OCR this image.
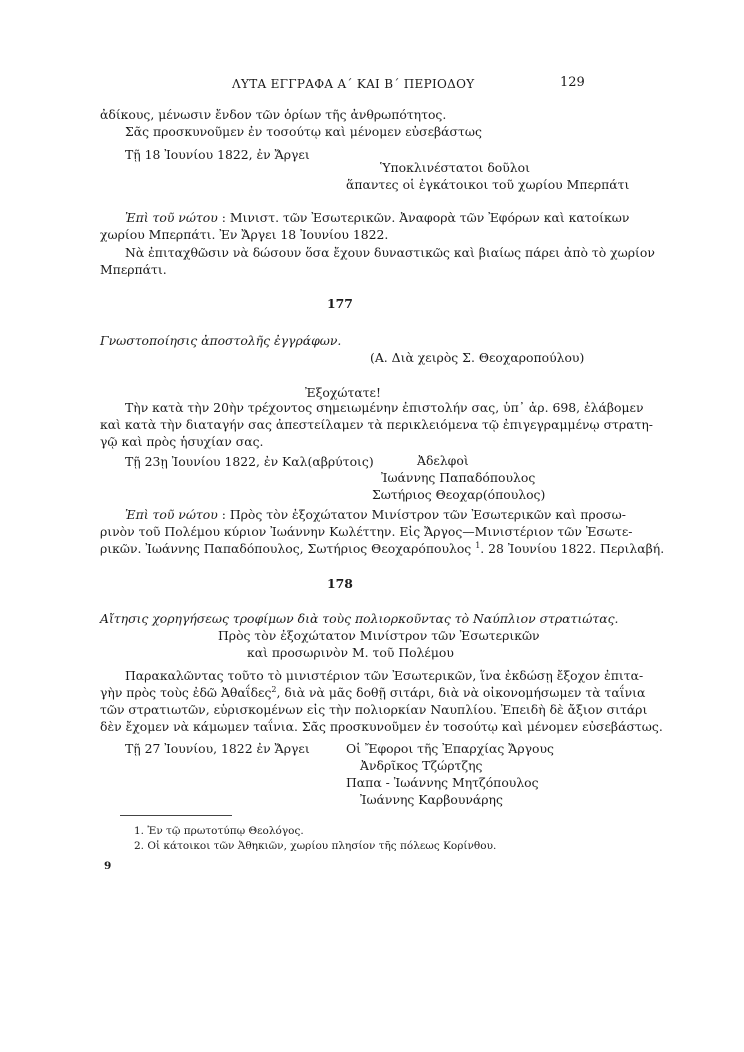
ΛΥΤΑ ΕΓΓΡΑΦΑ Α΄ ΚΑΙ Β΄ ΠΕΡΙΟΔΟΥ	129
ἀδίκους, μένωσιν ἔνδον τῶν ὁρίων τῆς ἀνθρωπότητος.
Σᾶς προσκυνοῦμεν ἐν τοσούτῳ καὶ μένομεν εὐσεβάστως
Τῇ 18 Ἰουνίου 1822, ἐν Ἄργει
Ὑποκλινέστατοι δοῦλοι
ἅπαντες οἱ ἐγκάτοικοι τοῦ χωρίου Μπερπάτι
Ἐπὶ τοῦ νώτου : Μινιστ. τῶν Ἐσωτερικῶν. Ἀναφορὰ τῶν Ἐφόρων καὶ κατοίκων
χωρίου Μπερπάτι. Ἐν Ἄργει 18 Ἰουνίου 1822.
Νὰ ἐπιταχθῶσιν νὰ δώσουν ὅσα ἔχουν δυναστικῶς καὶ βιαίως πάρει ἀπὸ τὸ χωρίον
Μπερπάτι.
177
Γνωστοποίησις ἀποστολῆς ἐγγράφων.
(Α. Διὰ χειρὸς Σ. Θεοχαροπούλου)
Ἐξοχώτατε!
Τὴν κατὰ τὴν 20ὴν τρέχοντος σημειωμένην ἐπιστολήν σας, ὑπ᾽ ἀρ. 698, ἐλάβομεν
καὶ κατὰ τὴν διαταγήν σας ἀπεστείλαμεν τὰ περικλειόμενα τῷ ἐπιγεγραμμένῳ στρατη-
γῷ καὶ πρὸς ἡσυχίαν σας.
Τῇ 23ῃ Ἰουνίου 1822, ἐν Καλ(αβρύτοις)	Ἀδελφοὶ
Ἰωάννης Παπαδόπουλος
Σωτήριος Θεοχαρ(όπουλος)
Ἐπὶ τοῦ νώτου : Πρὸς τὸν ἐξοχώτατον Μινίστρον τῶν Ἐσωτερικῶν καὶ προσω-
ρινὸν τοῦ Πολέμου κύριον Ἰωάννην Κωλέττην. Εἰς Ἄργος—Μινιστέριον τῶν Ἐσωτε-
ρικῶν. Ἰωάννης Παπαδόπουλος, Σωτήριος Θεοχαρόπουλος $^1$. 28 Ἰουνίου 1822. Περιλαβή.
178
Αἴτησις χορηγήσεως τροφίμων διὰ τοὺς πολιορκοῦντας τὸ Ναύπλιον στρατιώτας.
Πρὸς τὸν ἐξοχώτατον Μινίστρον τῶν Ἐσωτερικῶν
καὶ προσωρινὸν Μ. τοῦ Πολέμου
Παρακαλῶντας τοῦτο τὸ μινιστέριον τῶν Ἐσωτερικῶν, ἵνα ἐκδώσῃ ἔξοχον ἐπιτα-
γὴν πρὸς τοὺς ἐδῶ Ἀθαΐδες$^2$, διὰ νὰ μᾶς δοθῇ σιτάρι, διὰ νὰ οἰκονομήσωμεν τὰ ταΐνια
τῶν στρατιωτῶν, εὑρισκομένων εἰς τὴν πολιορκίαν Ναυπλίου. Ἐπειδὴ δὲ ἄξιον σιτάρι
δὲν ἔχομεν νὰ κάμωμεν ταΐνια. Σᾶς προσκυνοῦμεν ἐν τοσούτῳ καὶ μένομεν εὐσεβάστως.
Τῇ 27 Ἰουνίου, 1822 ἐν Ἄργει	Οἱ Ἔφοροι τῆς Ἐπαρχίας Ἄργους
Ἀνδρῖκος Τζώρτζης
Παπα - Ἰωάννης Μητζόπουλος
Ἰωάννης Καρβουνάρης
1. Ἐν τῷ πρωτοτύπῳ Θεολόγος.
2. Οἱ κάτοικοι τῶν Ἀθηκιῶν, χωρίου πλησίον τῆς πόλεως Κορίνθου.
9
